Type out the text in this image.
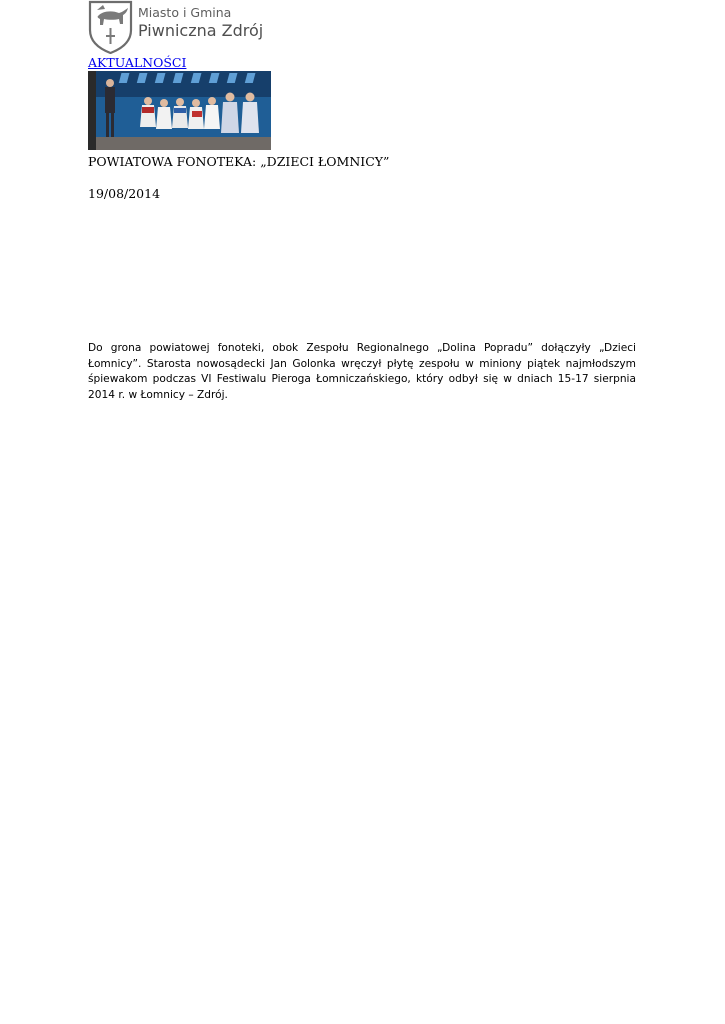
Miasto i Gmina
Piwniczna Zdrój
AKTUALNOŚCI
POWIATOWA FONOTEKA: „DZIECI ŁOMNICY”
19/08/2014

Do grona powiatowej fonoteki, obok Zespołu Regionalnego „Dolina Popradu” dołączyły „Dzieci Łomnicy”. Starosta nowosądecki Jan Golonka wręczył płytę zespołu w miniony piątek najmłodszym śpiewakom podczas VI Festiwalu Pieroga Łomniczańskiego, który odbył się w dniach 15-17 sierpnia 2014 r. w Łomnicy – Zdrój.
